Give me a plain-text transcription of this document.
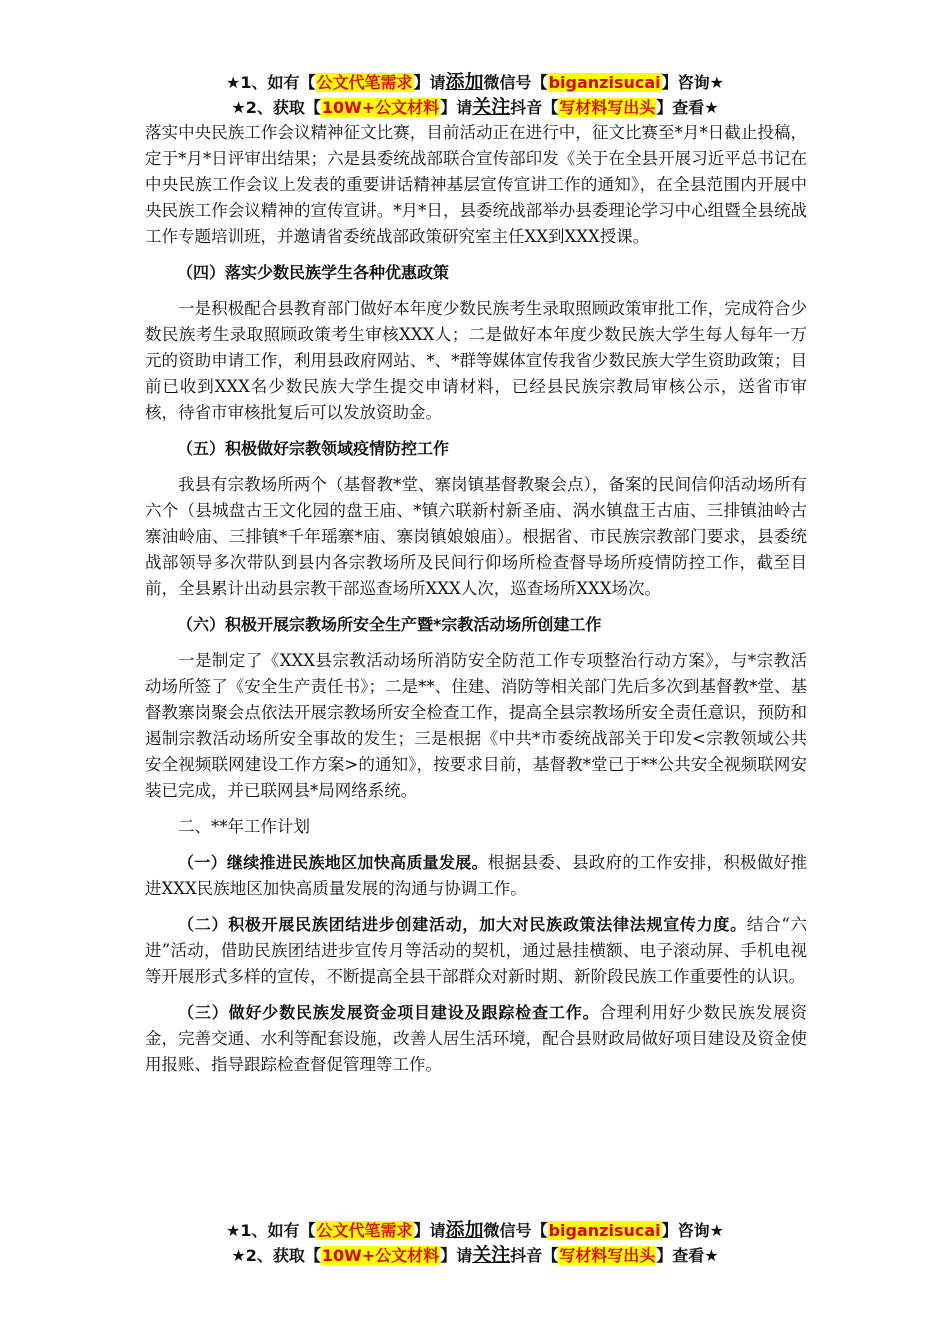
★1、如有【公文代笔需求】请添加微信号【biganzisucai】咨询★
★2、获取【10W+公文材料】请关注抖音【写材料写出头】查看★

落实中央民族工作会议精神征文比赛，目前活动正在进行中，征文比赛至*月*日截止投稿，定于*月*日评审出结果；六是县委统战部联合宣传部印发《关于在全县开展习近平总书记在中央民族工作会议上发表的重要讲话精神基层宣传宣讲工作的通知》，在全县范围内开展中央民族工作会议精神的宣传宣讲。*月*日，县委统战部举办县委理论学习中心组暨全县统战工作专题培训班，并邀请省委统战部政策研究室主任XX到XXX授课。

（四）落实少数民族学生各种优惠政策

一是积极配合县教育部门做好本年度少数民族考生录取照顾政策审批工作，完成符合少数民族考生录取照顾政策考生审核XXX人；二是做好本年度少数民族大学生每人每年一万元的资助申请工作，利用县政府网站、*、*群等媒体宣传我省少数民族大学生资助政策；目前已收到XXX名少数民族大学生提交申请材料，已经县民族宗教局审核公示，送省市审核，待省市审核批复后可以发放资助金。

（五）积极做好宗教领域疫情防控工作

我县有宗教场所两个（基督教*堂、寨岗镇基督教聚会点），备案的民间信仰活动场所有六个（县城盘古王文化园的盘王庙、*镇六联新村新圣庙、涡水镇盘王古庙、三排镇油岭古寨油岭庙、三排镇*千年瑶寨*庙、寨岗镇娘娘庙）。根据省、市民族宗教部门要求，县委统战部领导多次带队到县内各宗教场所及民间行仰场所检查督导场所疫情防控工作，截至目前，全县累计出动县宗教干部巡查场所XXX人次，巡查场所XXX场次。

（六）积极开展宗教场所安全生产暨*宗教活动场所创建工作

一是制定了《XXX县宗教活动场所消防安全防范工作专项整治行动方案》，与*宗教活动场所签了《安全生产责任书》；二是**、住建、消防等相关部门先后多次到基督教*堂、基督教寨岗聚会点依法开展宗教场所安全检查工作，提高全县宗教场所安全责任意识，预防和遏制宗教活动场所安全事故的发生；三是根据《中共*市委统战部关于印发<宗教领域公共安全视频联网建设工作方案>的通知》，按要求目前，基督教*堂已于**公共安全视频联网安装已完成，并已联网县*局网络系统。

二、**年工作计划

（一）继续推进民族地区加快高质量发展。根据县委、县政府的工作安排，积极做好推进XXX民族地区加快高质量发展的沟通与协调工作。

（二）积极开展民族团结进步创建活动，加大对民族政策法律法规宣传力度。结合“六进”活动，借助民族团结进步宣传月等活动的契机，通过悬挂横额、电子滚动屏、手机电视等开展形式多样的宣传，不断提高全县干部群众对新时期、新阶段民族工作重要性的认识。

（三）做好少数民族发展资金项目建设及跟踪检查工作。合理利用好少数民族发展资金，完善交通、水利等配套设施，改善人居生活环境，配合县财政局做好项目建设及资金使用报账、指导跟踪检查督促管理等工作。

★1、如有【公文代笔需求】请添加微信号【biganzisucai】咨询★
★2、获取【10W+公文材料】请关注抖音【写材料写出头】查看★
